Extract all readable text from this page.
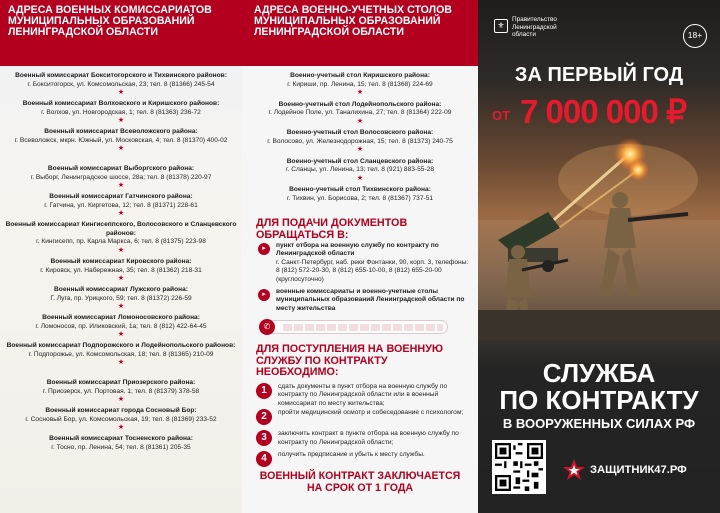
АДРЕСА ВОЕННЫХ КОМИССАРИАТОВ МУНИЦИПАЛЬНЫХ ОБРАЗОВАНИЙ ЛЕНИНГРАДСКОЙ ОБЛАСТИ
Военный комиссариат Бокситогорского и Тихвинского районов:
г. Бокситогорск, ул. Комсомольская, 23; тел. 8 (81366) 245-54
★
Военный комиссариат Волховского и Киришского районов:
г. Волхов, ул. Новгородская, 1; тел. 8 (81363) 236-72
★
Военный комиссариат Всеволожского района:
г. Всеволожск, мкрн. Южный, ул. Московская, 4; тел. 8 (81370) 400-02
★
Военный комиссариат Выборгского района:
г. Выборг, Ленинградское шоссе, 28а; тел. 8 (81378) 220-97
★
Военный комиссариат Гатчинского района:
г. Гатчина, ул. Киргетова, 12; тел. 8 (81371) 228-61
★
Военный комиссариат Кингисеппского, Волосовского и Сланцевского районов:
г. Кингисепп, пр. Карла Маркса, 6; тел. 8 (81375) 223-98
★
Военный комиссариат Кировского района:
г. Кировск, ул. Набережная, 35; тел. 8 (81362) 218-31
★
Военный комиссариат Лужского района:
Г. Луга, пр. Урицкого, 59; тел. 8 (81372) 226-59
★
Военный комиссариат Ломоносовского района:
г. Ломоносов, пр. Иликовский, 1а; тел. 8 (812) 422-64-45
★
Военный комиссариат Подпорожского и Лодейнопольского районов:
г. Подпорожье, ул. Комсомольская, 18; тел. 8 (81365) 210-09
★
Военный комиссариат Приозерского района:
г. Приозерск, ул. Портовая, 1; тел. 8 (81379) 378-58
★
Военный комиссариат города Сосновый Бор:
г. Сосновый Бор, ул. Комсомольская, 19; тел. 8 (81369) 233-52
★
Военный комиссариат Тосненского района:
г. Тосно, пр. Ленина, 54; тел. 8 (81361) 205-35
АДРЕСА ВОЕННО-УЧЕТНЫХ СТОЛОВ МУНИЦИПАЛЬНЫХ ОБРАЗОВАНИЙ ЛЕНИНГРАДСКОЙ ОБЛАСТИ
Военно-учетный стол Киришского района:
г. Кириши, пр. Ленина, 15; тел. 8 (81368) 224-69
★
Военно-учетный стол Лодейнопольского района:
г. Лодейное Поле, ул. Таналихина, 27; тел. 8 (81364) 222-09
★
Военно-учетный стол Волосовского района:
г. Волосово, ул. Железнодорожная, 15; тел. 8 (81373) 240-75
★
Военно-учетный стол Сланцевского района:
г. Сланцы, ул. Ленина, 13; тел. 8 (921) 883-55-28
★
Военно-учетный стол Тихвинского района:
г. Тихвин, ул. Борисова, 2; тел. 8 (81367) 737-51
ДЛЯ ПОДАЧИ ДОКУМЕНТОВ ОБРАЩАТЬСЯ В:
▸	пункт отбора на военную службу по контракту по Ленинградской области
г. Санкт-Петербург, наб. реки Фонтанки, 90, корп. 3, телефоны: 8 (812) 572-20-30, 8 (812) 655-10-00, 8 (812) 655-20-00 (круглосуточно)
▸	военные комиссариаты и военно-учетные столы муниципальных образований Ленинградской области по месту жительства
✆
ДЛЯ ПОСТУПЛЕНИЯ НА ВОЕННУЮ СЛУЖБУ ПО КОНТРАКТУ НЕОБХОДИМО:
1	сдать документы в пункт отбора на военную службу по контракту по Ленинградской области или в военный комиссариат по месту жительства;
2	пройти медицинский осмотр и собеседование с психологом;
3	заключить контракт в пункте отбора на военную службу по контракту по Ленинградской области;
4	получить предписание и убыть к месту службы.
ВОЕННЫЙ КОНТРАКТ ЗАКЛЮЧАЕТСЯ НА СРОК ОТ 1 ГОДА
⚜
Правительство
Ленинградской
области	18+
ЗА ПЕРВЫЙ ГОД
ОТ 7 000 000 ₽
СЛУЖБА
ПО КОНТРАКТУ
В ВООРУЖЕННЫХ СИЛАХ РФ
ЗАЩИТНИК47.РФ
